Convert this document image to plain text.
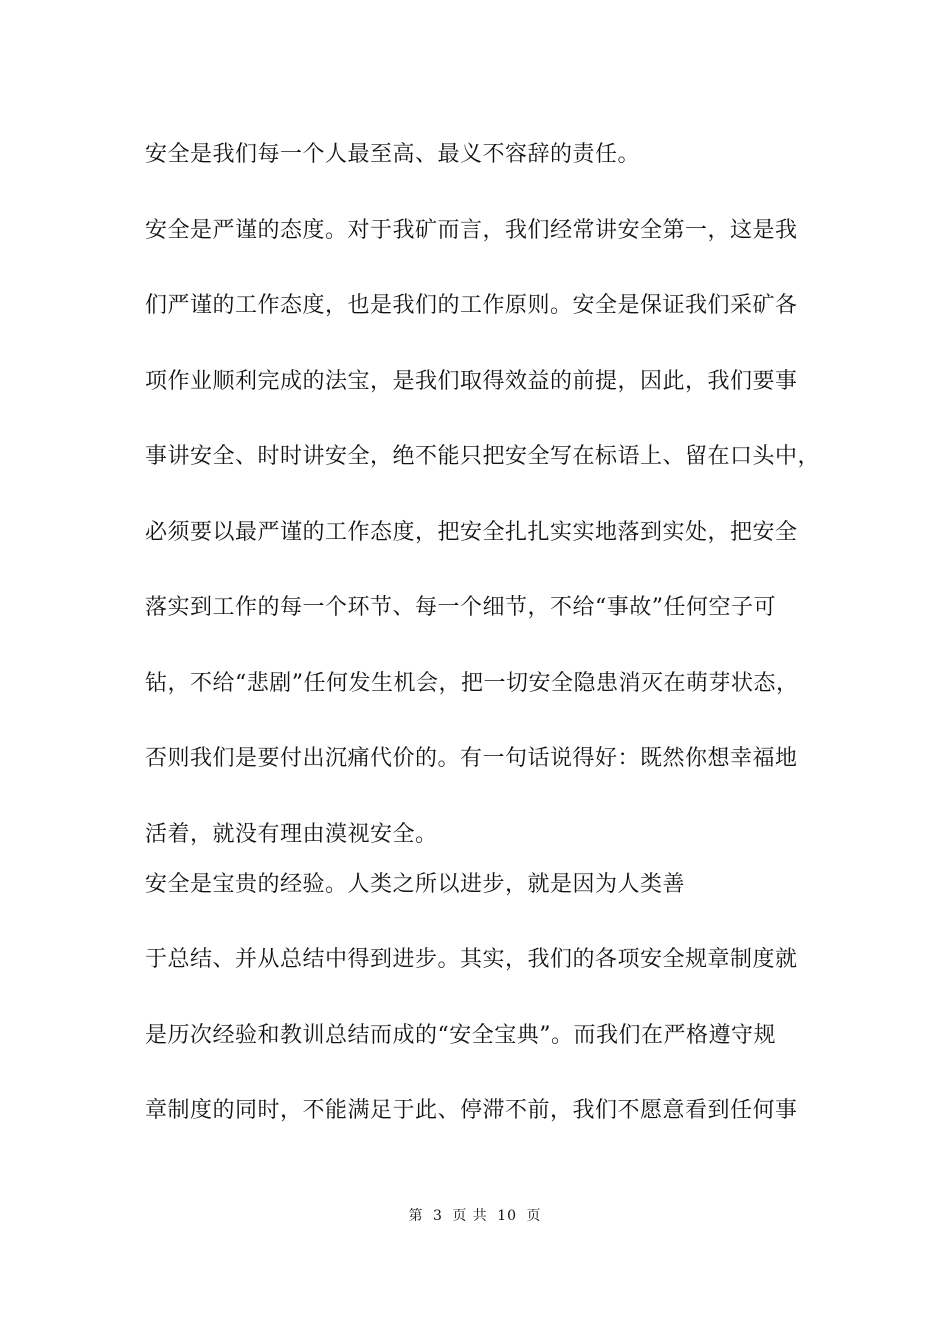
安全是我们每一个人最至高、最义不容辞的责任。
安全是严谨的态度。对于我矿而言，我们经常讲安全第一，这是我
们严谨的工作态度，也是我们的工作原则。安全是保证我们采矿各
项作业顺利完成的法宝，是我们取得效益的前提，因此，我们要事
事讲安全、时时讲安全，绝不能只把安全写在标语上、留在口头中，
必须要以最严谨的工作态度，把安全扎扎实实地落到实处，把安全
落实到工作的每一个环节、每一个细节，不给“事故”任何空子可
钻，不给“悲剧”任何发生机会，把一切安全隐患消灭在萌芽状态，
否则我们是要付出沉痛代价的。有一句话说得好：既然你想幸福地
活着，就没有理由漠视安全。
安全是宝贵的经验。人类之所以进步，就是因为人类善
于总结、并从总结中得到进步。其实，我们的各项安全规章制度就
是历次经验和教训总结而成的“安全宝典”。而我们在严格遵守规
章制度的同时，不能满足于此、停滞不前，我们不愿意看到任何事
第 3 页 共 10 页
